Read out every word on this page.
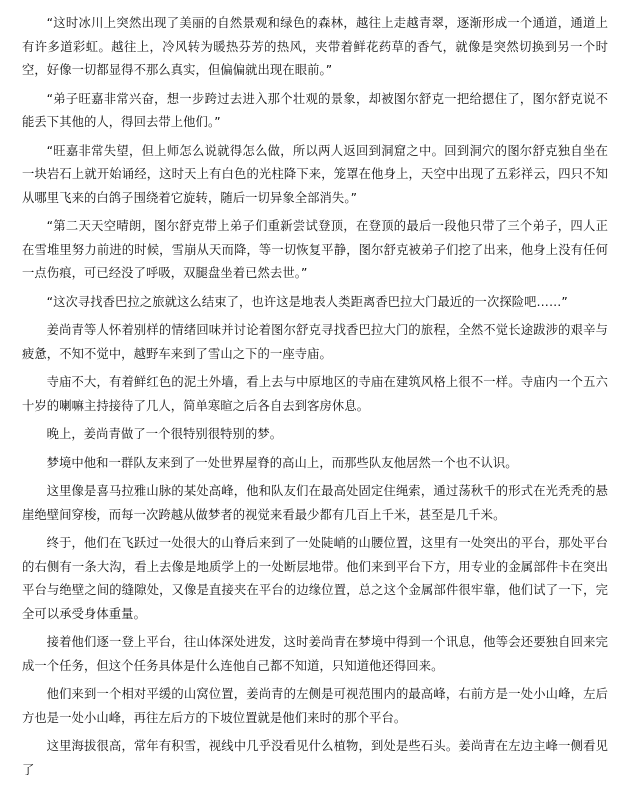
“这时冰川上突然出现了美丽的自然景观和绿色的森林，越往上走越青翠，逐渐形成一个通道，通道上有许多道彩虹。越往上，冷风转为暖热芬芳的热风，夹带着鲜花药草的香气，就像是突然切换到另一个时空，好像一切都显得不那么真实，但偏偏就出现在眼前。”

“弟子旺嘉非常兴奋，想一步跨过去进入那个壮观的景象，却被图尔舒克一把给摁住了，图尔舒克说不能丢下其他的人，得回去带上他们。”

“旺嘉非常失望，但上师怎么说就得怎么做，所以两人返回到洞窟之中。回到洞穴的图尔舒克独自坐在一块岩石上就开始诵经，这时天上有白色的光柱降下来，笼罩在他身上，天空中出现了五彩祥云，四只不知从哪里飞来的白鸽子围绕着它旋转，随后一切异象全部消失。”

“第二天天空晴朗，图尔舒克带上弟子们重新尝试登顶，在登顶的最后一段他只带了三个弟子，四人正在雪堆里努力前进的时候，雪崩从天而降，等一切恢复平静，图尔舒克被弟子们挖了出来，他身上没有任何一点伤痕，可已经没了呼吸，双腿盘坐着已然去世。”

“这次寻找香巴拉之旅就这么结束了，也许这是地表人类距离香巴拉大门最近的一次探险吧……”

姜尚青等人怀着别样的情绪回味并讨论着图尔舒克寻找香巴拉大门的旅程，全然不觉长途跋涉的艰辛与疲惫，不知不觉中，越野车来到了雪山之下的一座寺庙。

寺庙不大，有着鲜红色的泥土外墙，看上去与中原地区的寺庙在建筑风格上很不一样。寺庙内一个五六十岁的喇嘛主持接待了几人，简单寒暄之后各自去到客房休息。

晚上，姜尚青做了一个很特别很特别的梦。

梦境中他和一群队友来到了一处世界屋脊的高山上，而那些队友他居然一个也不认识。

这里像是喜马拉雅山脉的某处高峰，他和队友们在最高处固定住绳索，通过荡秋千的形式在光秃秃的悬崖绝壁间穿梭，而每一次跨越从做梦者的视觉来看最少都有几百上千米，甚至是几千米。

终于，他们在飞跃过一处很大的山脊后来到了一处陡峭的山腰位置，这里有一处突出的平台，那处平台的右侧有一条大沟，看上去像是地质学上的一处断层地带。他们来到平台下方，用专业的金属部件卡在突出平台与绝壁之间的缝隙处，又像是直接夹在平台的边缘位置，总之这个金属部件很牢靠，他们试了一下，完全可以承受身体重量。

接着他们逐一登上平台，往山体深处进发，这时姜尚青在梦境中得到一个讯息，他等会还要独自回来完成一个任务，但这个任务具体是什么连他自己都不知道，只知道他还得回来。

他们来到一个相对平缓的山窝位置，姜尚青的左侧是可视范围内的最高峰，右前方是一处小山峰，左后方也是一处小山峰，再往左后方的下坡位置就是他们来时的那个平台。

这里海拔很高，常年有积雪，视线中几乎没看见什么植物，到处是些石头。姜尚青在左边主峰一侧看见了
